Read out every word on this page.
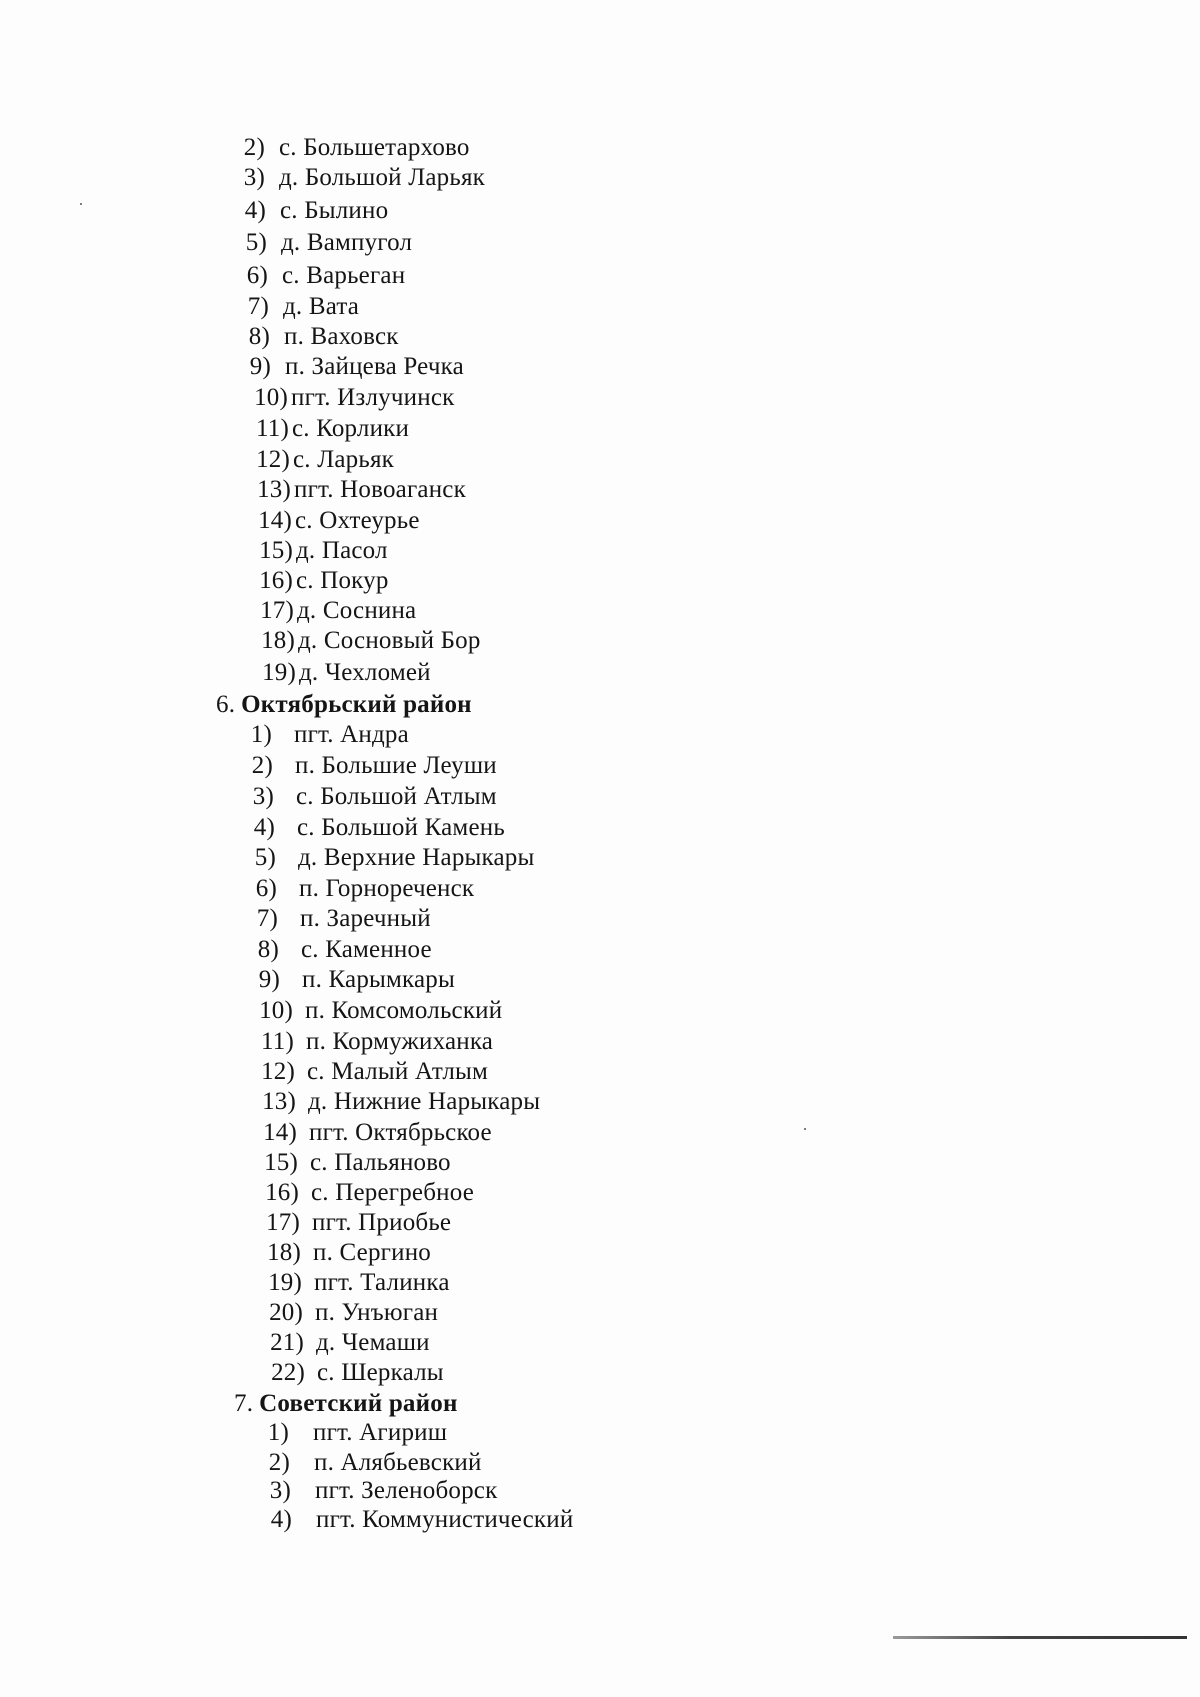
2) с. Большетархово
3) д. Большой Ларьяк
4) с. Былино
5) д. Вампугол
6) с. Варьеган
7) д. Вата
8) п. Ваховск
9) п. Зайцева Речка
10) пгт. Излучинск
11) с. Корлики
12) с. Ларьяк
13) пгт. Новоаганск
14) с. Охтеурье
15) д. Пасол
16) с. Покур
17) д. Соснина
18) д. Сосновый Бор
19) д. Чехломей
6. Октябрьский район
1) пгт. Андра
2) п. Большие Леуши
3) с. Большой Атлым
4) с. Большой Камень
5) д. Верхние Нарыкары
6) п. Горнореченск
7) п. Заречный
8) с. Каменное
9) п. Карымкары
10) п. Комсомольский
11) п. Кормужиханка
12) с. Малый Атлым
13) д. Нижние Нарыкары
14) пгт. Октябрьское
15) с. Пальяново
16) с. Перегребное
17) пгт. Приобье
18) п. Сергино
19) пгт. Талинка
20) п. Унъюган
21) д. Чемаши
22) с. Шеркалы
7. Советский район
1) пгт. Агириш
2) п. Алябьевский
3) пгт. Зеленоборск
4) пгт. Коммунистический
